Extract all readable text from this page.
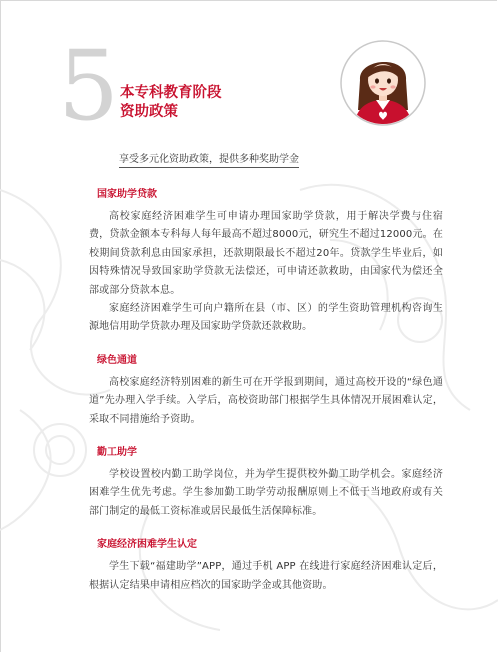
5 本专科教育阶段
资助政策
享受多元化资助政策，提供多种奖助学金
国家助学贷款

高校家庭经济困难学生可申请办理国家助学贷款，用于解决学费与住宿费，贷款金额本专科每人每年最高不超过8000元，研究生不超过12000元。在校期间贷款利息由国家承担，还款期限最长不超过20年。贷款学生毕业后，如因特殊情况导致国家助学贷款无法偿还，可申请还款救助，由国家代为偿还全部或部分贷款本息。

家庭经济困难学生可向户籍所在县（市、区）的学生资助管理机构咨询生源地信用助学贷款办理及国家助学贷款还款救助。

绿色通道

高校家庭经济特别困难的新生可在开学报到期间，通过高校开设的“绿色通道”先办理入学手续。入学后，高校资助部门根据学生具体情况开展困难认定，采取不同措施给予资助。

勤工助学

学校设置校内勤工助学岗位，并为学生提供校外勤工助学机会。家庭经济困难学生优先考虑。学生参加勤工助学劳动报酬原则上不低于当地政府或有关部门制定的最低工资标准或居民最低生活保障标准。

家庭经济困难学生认定

学生下载“福建助学”APP，通过手机 APP 在线进行家庭经济困难认定后，根据认定结果申请相应档次的国家助学金或其他资助。
